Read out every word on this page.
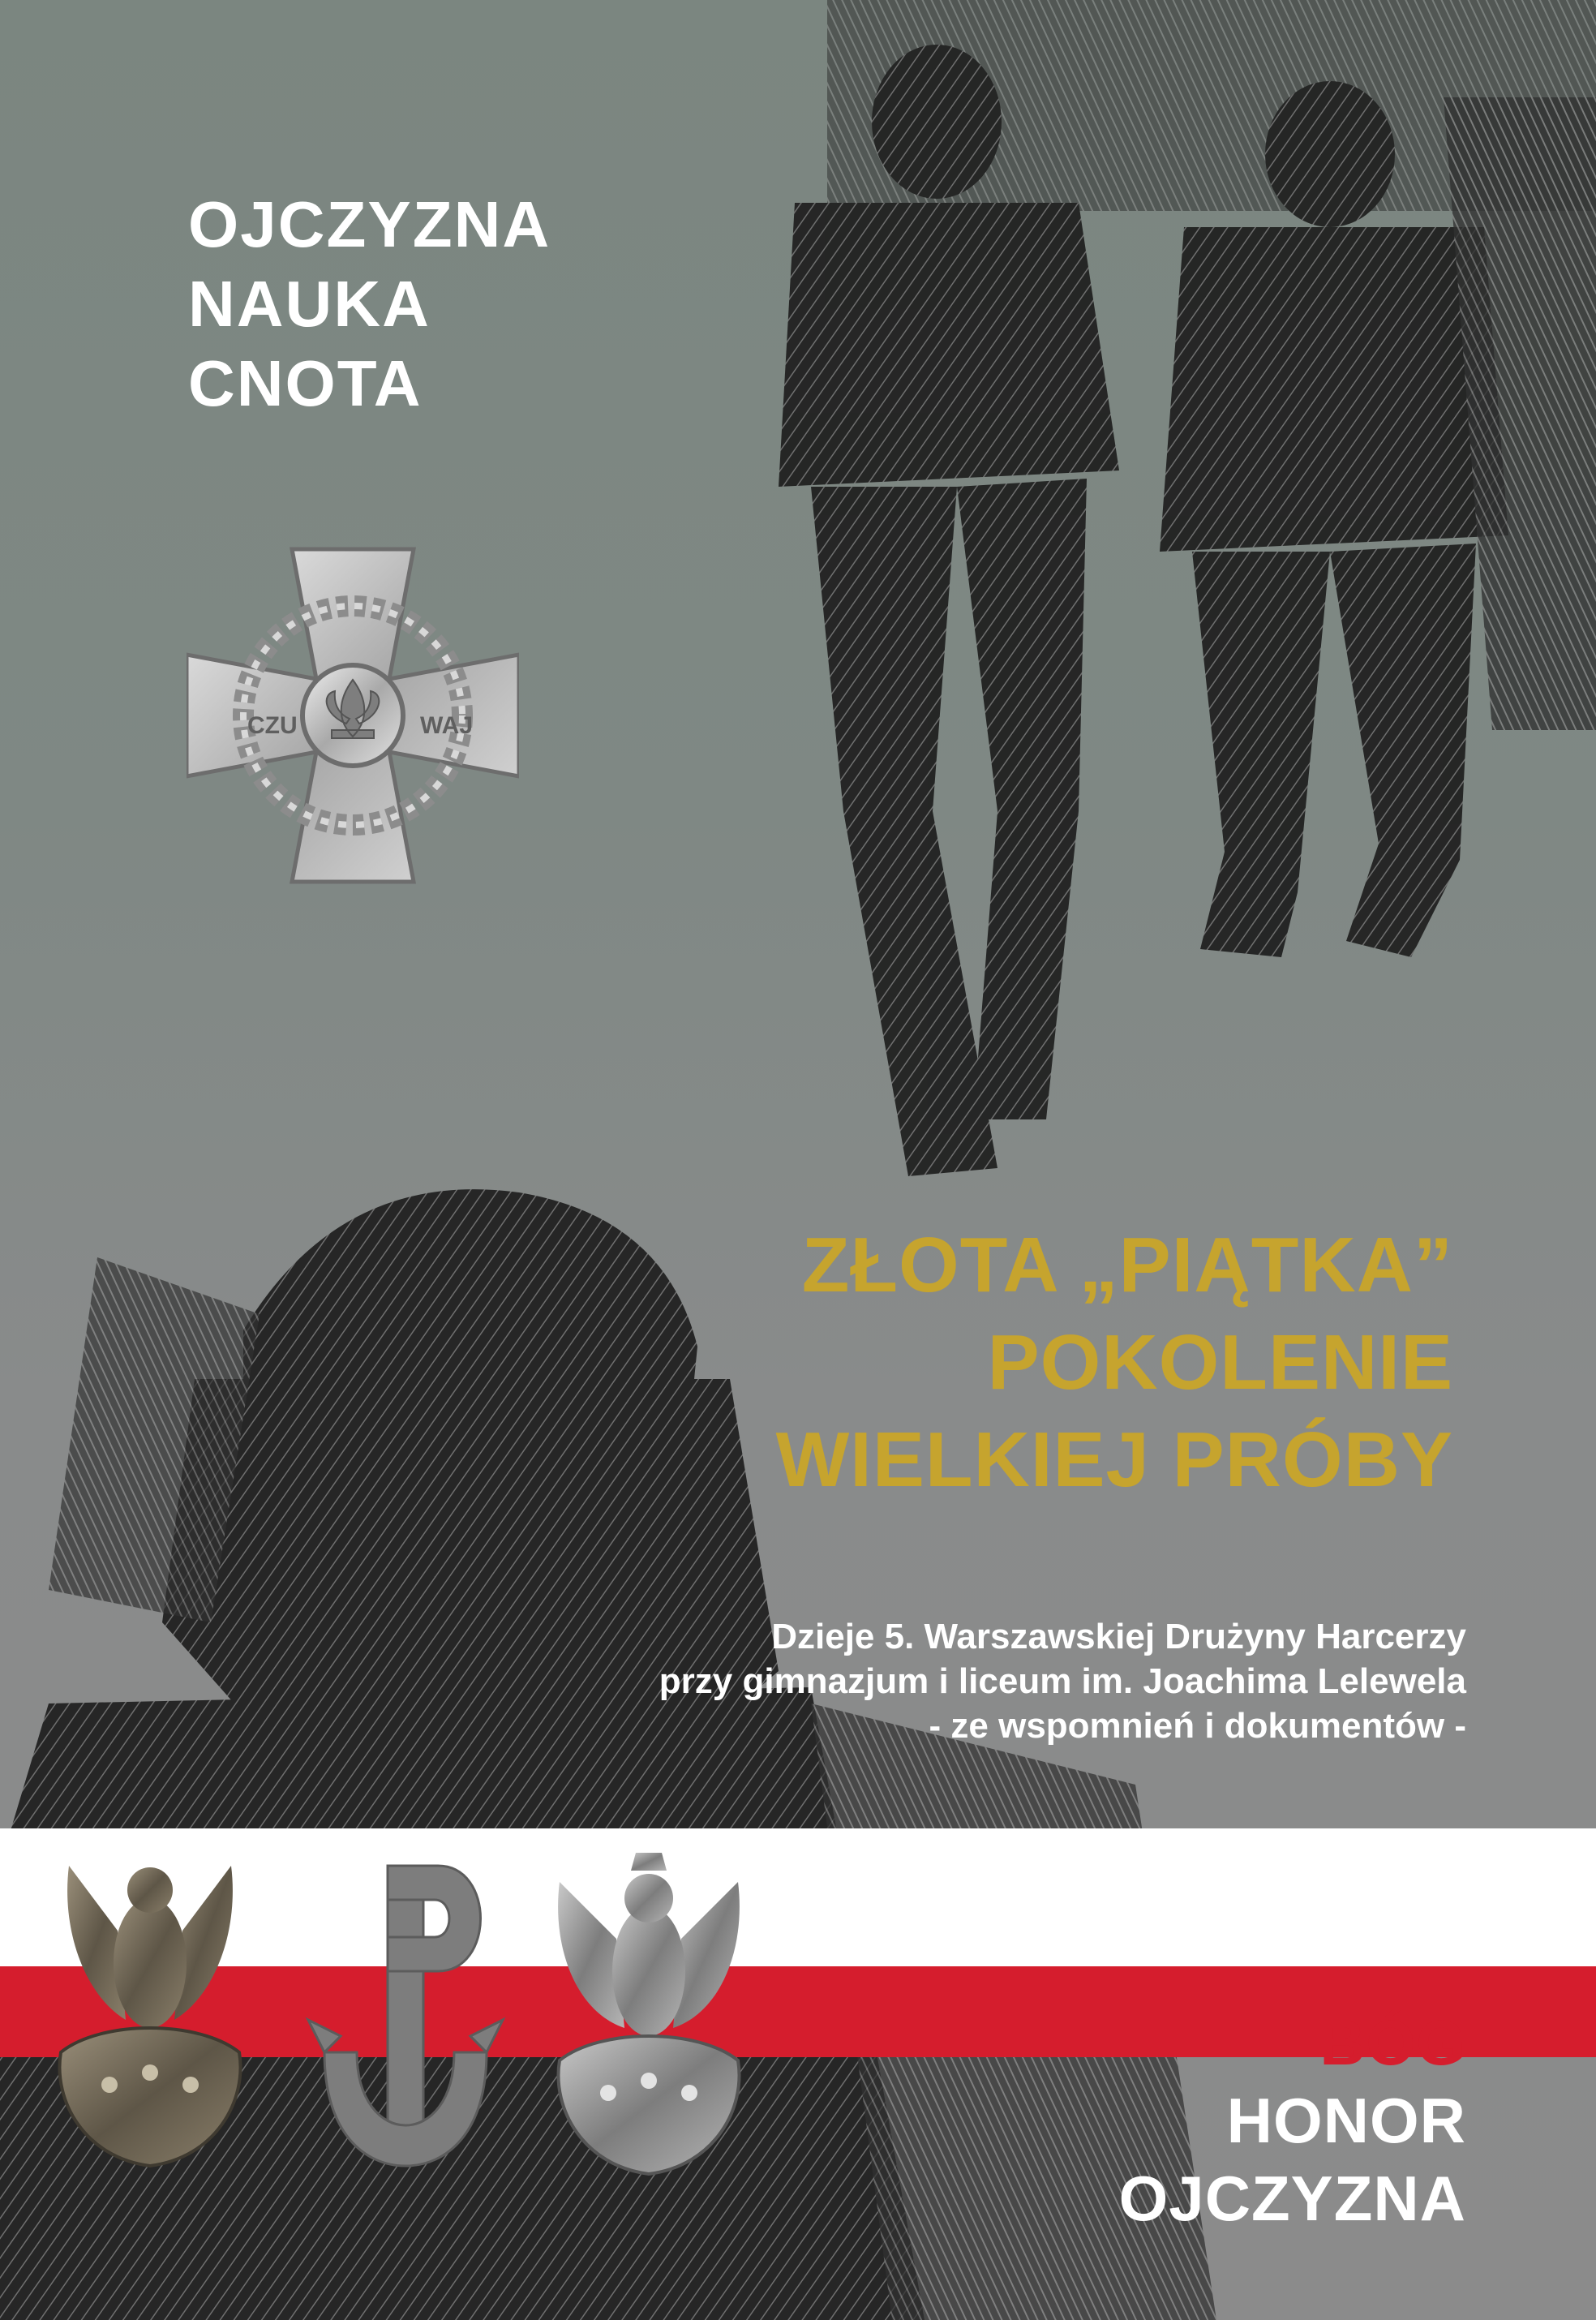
OJCZYZNA
NAUKA
CNOTA
CZU	WAJ
ZŁOTA „PIĄTKA”
POKOLENIE
WIELKIEJ PRÓBY
Dzieje 5. Warszawskiej Drużyny Harcerzy
przy gimnazjum i liceum im. Joachima Lelewela
- ze wspomnień i dokumentów -
BÓG
HONOR
OJCZYZNA
